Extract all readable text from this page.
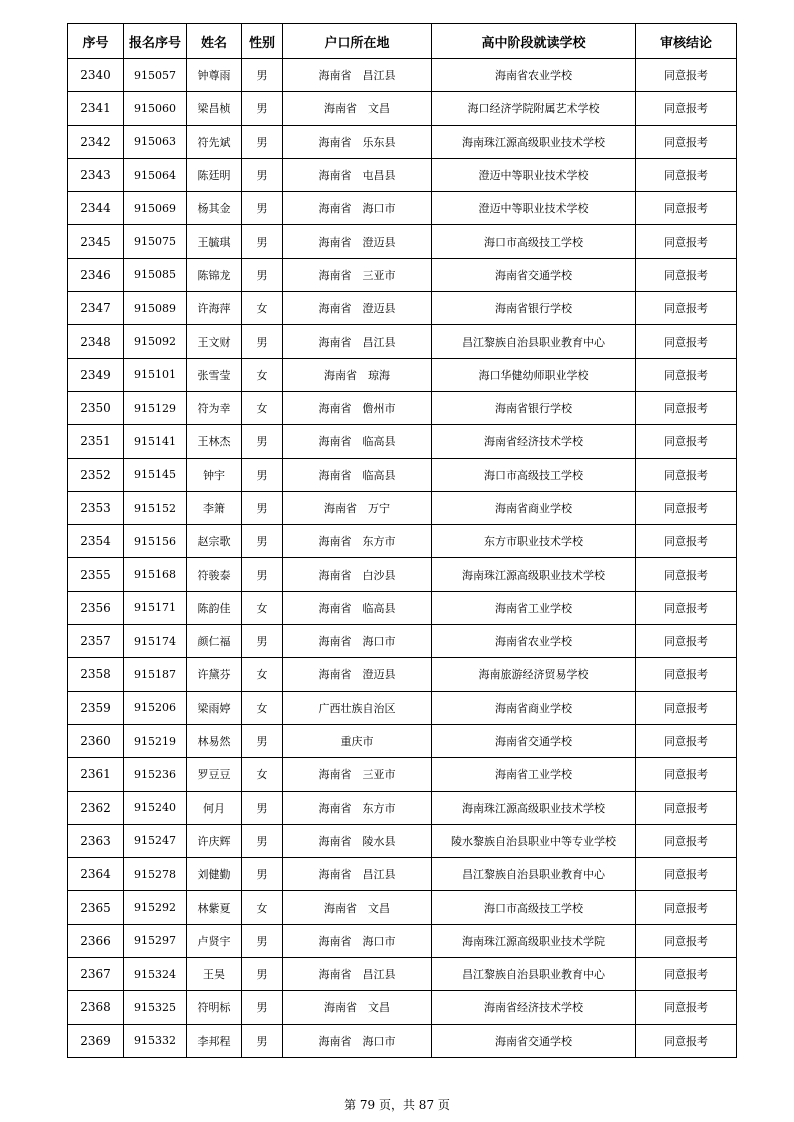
序号	报名序号	姓名	性别	户口所在地	高中阶段就读学校	审核结论
2340	915057	钟尊雨	男	海南省　昌江县	海南省农业学校	同意报考
2341	915060	梁昌桢	男	海南省　文昌	海口经济学院附属艺术学校	同意报考
2342	915063	符先斌	男	海南省　乐东县	海南珠江源高级职业技术学校	同意报考
2343	915064	陈廷明	男	海南省　屯昌县	澄迈中等职业技术学校	同意报考
2344	915069	杨其金	男	海南省　海口市	澄迈中等职业技术学校	同意报考
2345	915075	王毓琪	男	海南省　澄迈县	海口市高级技工学校	同意报考
2346	915085	陈锦龙	男	海南省　三亚市	海南省交通学校	同意报考
2347	915089	许海萍	女	海南省　澄迈县	海南省银行学校	同意报考
2348	915092	王文财	男	海南省　昌江县	昌江黎族自治县职业教育中心	同意报考
2349	915101	张雪莹	女	海南省　琼海	海口华健幼师职业学校	同意报考
2350	915129	符为幸	女	海南省　儋州市	海南省银行学校	同意报考
2351	915141	王林杰	男	海南省　临高县	海南省经济技术学校	同意报考
2352	915145	钟宇	男	海南省　临高县	海口市高级技工学校	同意报考
2353	915152	李箫	男	海南省　万宁	海南省商业学校	同意报考
2354	915156	赵宗歌	男	海南省　东方市	东方市职业技术学校	同意报考
2355	915168	符骏泰	男	海南省　白沙县	海南珠江源高级职业技术学校	同意报考
2356	915171	陈韵佳	女	海南省　临高县	海南省工业学校	同意报考
2357	915174	颜仁福	男	海南省　海口市	海南省农业学校	同意报考
2358	915187	许黛芬	女	海南省　澄迈县	海南旅游经济贸易学校	同意报考
2359	915206	梁雨婷	女	广西壮族自治区	海南省商业学校	同意报考
2360	915219	林易然	男	重庆市	海南省交通学校	同意报考
2361	915236	罗豆豆	女	海南省　三亚市	海南省工业学校	同意报考
2362	915240	何月	男	海南省　东方市	海南珠江源高级职业技术学校	同意报考
2363	915247	许庆辉	男	海南省　陵水县	陵水黎族自治县职业中等专业学校	同意报考
2364	915278	刘健勤	男	海南省　昌江县	昌江黎族自治县职业教育中心	同意报考
2365	915292	林紫夏	女	海南省　文昌	海口市高级技工学校	同意报考
2366	915297	卢贤宇	男	海南省　海口市	海南珠江源高级职业技术学院	同意报考
2367	915324	王昊	男	海南省　昌江县	昌江黎族自治县职业教育中心	同意报考
2368	915325	符明标	男	海南省　文昌	海南省经济技术学校	同意报考
2369	915332	李邦程	男	海南省　海口市	海南省交通学校	同意报考
第 79 页，共 87 页
